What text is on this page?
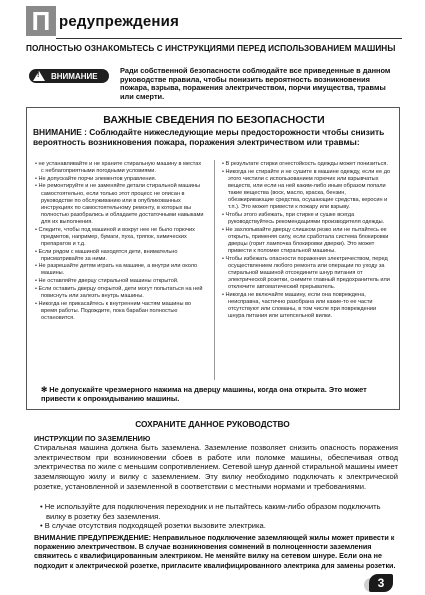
П редупреждения
ПОЛНОСТЬЮ ОЗНАКОМЬТЕСЬ С ИНСТРУКЦИЯМИ ПЕРЕД ИСПОЛЬЗОВАНИЕМ МАШИНЫ
! ВНИМАНИЕ
Ради собственной безопасности соблюдайте все приведенные в данном руководстве правила, чтобы понизить вероятность возникновения пожара, взрыва, поражения электричеством, порчи имущества, травмы или смерти.
ВАЖНЫЕ СВЕДЕНИЯ ПО БЕЗОПАСНОСТИ
ВНИМАНИЕ : Соблюдайте нижеследующие меры предосторожности чтобы снизить вероятность возникновения пожара, поражения электричеством или травмы:
• не устанавливайте и не храните стиральную машину в местах с неблагоприятными погодными условиями.
• Не допускайте порчи элементов управления.
• Не ремонтируйте и не заменяйте детали стиральной машины самостоятельно, если только этот процесс не описан в руководстве по обслуживанию или в опубликованных инструкциях по самостоятельному ремонту, в которых вы полностью разобрались и обладаете достаточными навыками для их выполнения.
• Следите, чтобы под машиной и вокруг нее не было горючих предметов, например, бумаги, пуха, тряпок, химических препаратов и т.д.
• Если рядом с машиной находятся дети, внимательно присматривайте за ними.
• Не разрешайте детям играть на машине, а внутри или около машины.
• Не оставляйте дверцу стиральной машины открытой.
• Если оставить дверцу открытой, дети могут попытаться на ней повиснуть или залезть внутрь машины.
• Никогда не прикасайтесь к внутренним частям машины во время работы. Подождите, пока барабан полностью остановится.
• В результате стирки огнестойкость одежды может понизиться.
• Никогда не стирайте и не сушите в машине одежду, если ее до этого чистили с использованием горючих или взрывчатых веществ, или если на ней каким-либо иным образом попали такие вещества (воск, масло, краска, бензин, обезжиривающие средства, осушающие средства, керосин и т.п.). Это может привести к пожару или взрыву.
• Чтобы этого избежать, при стирке и сушке всегда руководствуйтесь рекомендациями производителя одежды.
• Не захлопывайте дверцу слишком резко или не пытайтесь ее открыть, применяя силу, если сработала система блокировки дверцы (горит лампочка блокировки дверки). Это может привести к поломке стиральной машины.
• Чтобы избежать опасности поражения электричеством, перед осуществлением любого ремонта или операции по уходу за стиральной машиной отсоедините шнур питания от электрической розетки, снимите главный предохранитель или отключите автоматический прерыватель.
• Никогда не включайте машину, если она повреждена, неисправна, частично разобрана или какие-то ее части отсутствуют или сломаны, в том числе при повреждении шнура питания или штепсельной вилки.
✻ Не допускайте чрезмерного нажима на дверцу машины, когда она открыта. Это может привести к опрокидыванию машины.
СОХРАНИТЕ ДАННОЕ РУКОВОДСТВО
ИНСТРУКЦИИ ПО ЗАЗЕМЛЕНИЮ
Стиральная машина должна быть заземлена. Заземление позволяет снизить опасность поражения электричеством при возникновении сбоев в работе или поломке машины, обеспечивая отвод электричества по жиле с меньшим сопротивлением. Сетевой шнур данной стиральной машины имеет заземляющую жилу и вилку с заземлением. Эту вилку необходимо подключать к электрической розетке, установленной и заземленной в соответствии с местными нормами и требованиями.
• Не используйте для подключения переходник и не пытайтесь каким-либо образом подключить вилку в розетку без заземления.
• В случае отсутствия подходящей розетки вызовите электрика.
ВНИМАНИЕ ПРЕДУПРЕЖДЕНИЕ: Неправильное подключение заземляющей жилы может привести к поражению электричеством. В случае возникновения сомнений в полноценности заземления свяжитесь с квалифицированным электриком. Не меняйте вилку на сетевом шнуре. Если она не подходит к электрической розетке, пригласите квалифицированного электрика для замены розетки.
3
